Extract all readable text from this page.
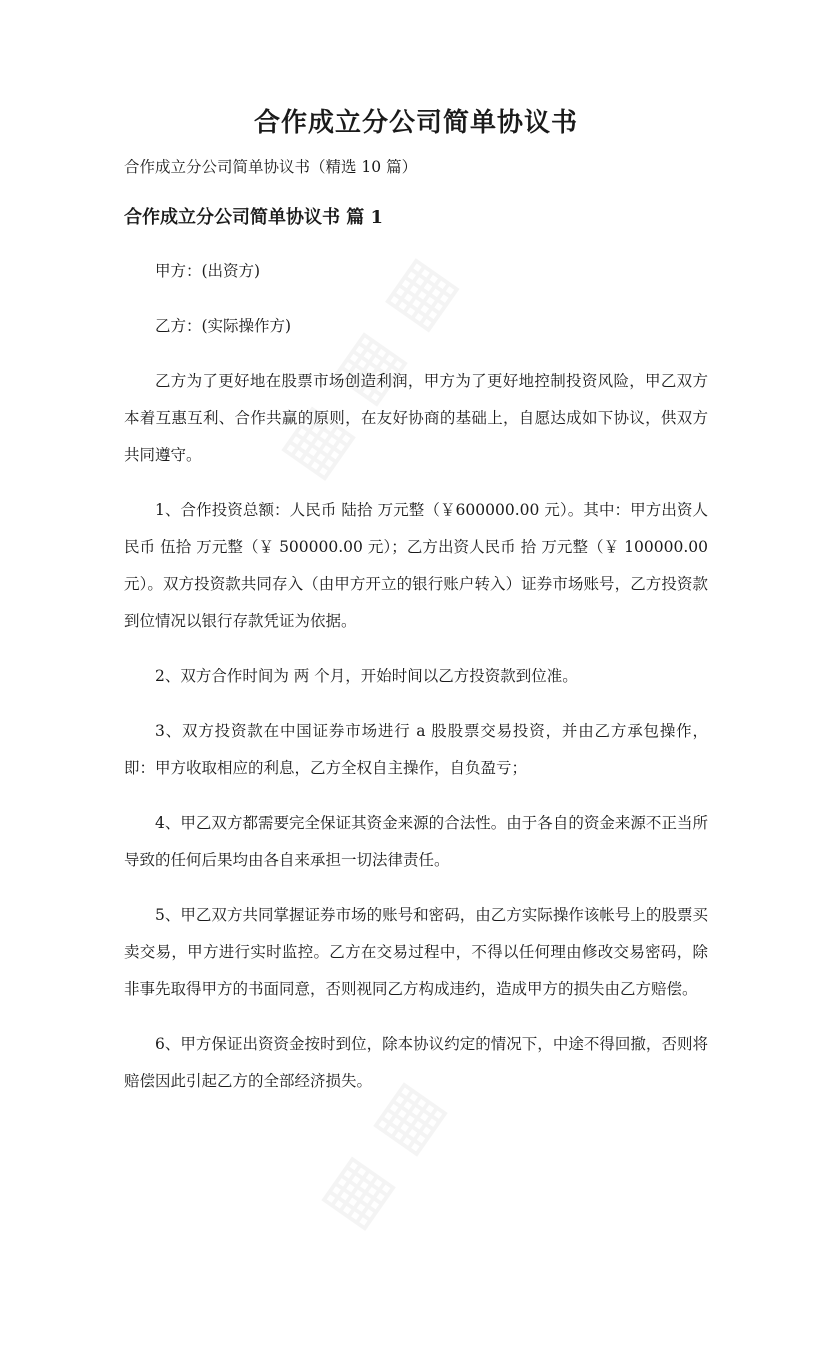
合作成立分公司简单协议书

合作成立分公司简单协议书（精选 10 篇）

合作成立分公司简单协议书 篇 1

甲方：(出资方)

乙方：(实际操作方)

乙方为了更好地在股票市场创造利润，甲方为了更好地控制投资风险，甲乙双方本着互惠互利、合作共赢的原则，在友好协商的基础上，自愿达成如下协议，供双方共同遵守。

1、合作投资总额：人民币 陆拾 万元整（￥600000.00 元）。其中：甲方出资人民币 伍拾 万元整（￥ 500000.00 元）；乙方出资人民币 拾 万元整（￥ 100000.00 元）。双方投资款共同存入（由甲方开立的银行账户转入）证券市场账号，乙方投资款到位情况以银行存款凭证为依据。

2、双方合作时间为 两 个月，开始时间以乙方投资款到位准。

3、双方投资款在中国证券市场进行 a 股股票交易投资，并由乙方承包操作，即：甲方收取相应的利息，乙方全权自主操作，自负盈亏；

4、甲乙双方都需要完全保证其资金来源的合法性。由于各自的资金来源不正当所导致的任何后果均由各自来承担一切法律责任。

5、甲乙双方共同掌握证券市场的账号和密码，由乙方实际操作该帐号上的股票买卖交易，甲方进行实时监控。乙方在交易过程中，不得以任何理由修改交易密码，除非事先取得甲方的书面同意，否则视同乙方构成违约，造成甲方的损失由乙方赔偿。

6、甲方保证出资资金按时到位，除本协议约定的情况下，中途不得回撤，否则将赔偿因此引起乙方的全部经济损失。
